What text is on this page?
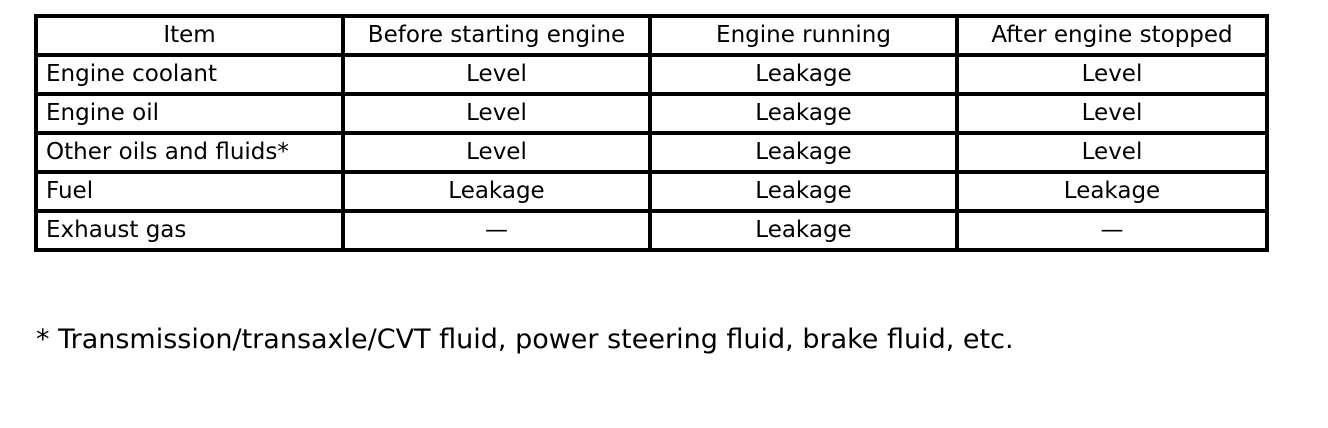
Item	Before starting engine	Engine running	After engine stopped
Engine coolant	Level	Leakage	Level
Engine oil	Level	Leakage	Level
Other oils and fluids*	Level	Leakage	Level
Fuel	Leakage	Leakage	Leakage
Exhaust gas	—	Leakage	—
* Transmission/transaxle/CVT fluid, power steering fluid, brake fluid, etc.
